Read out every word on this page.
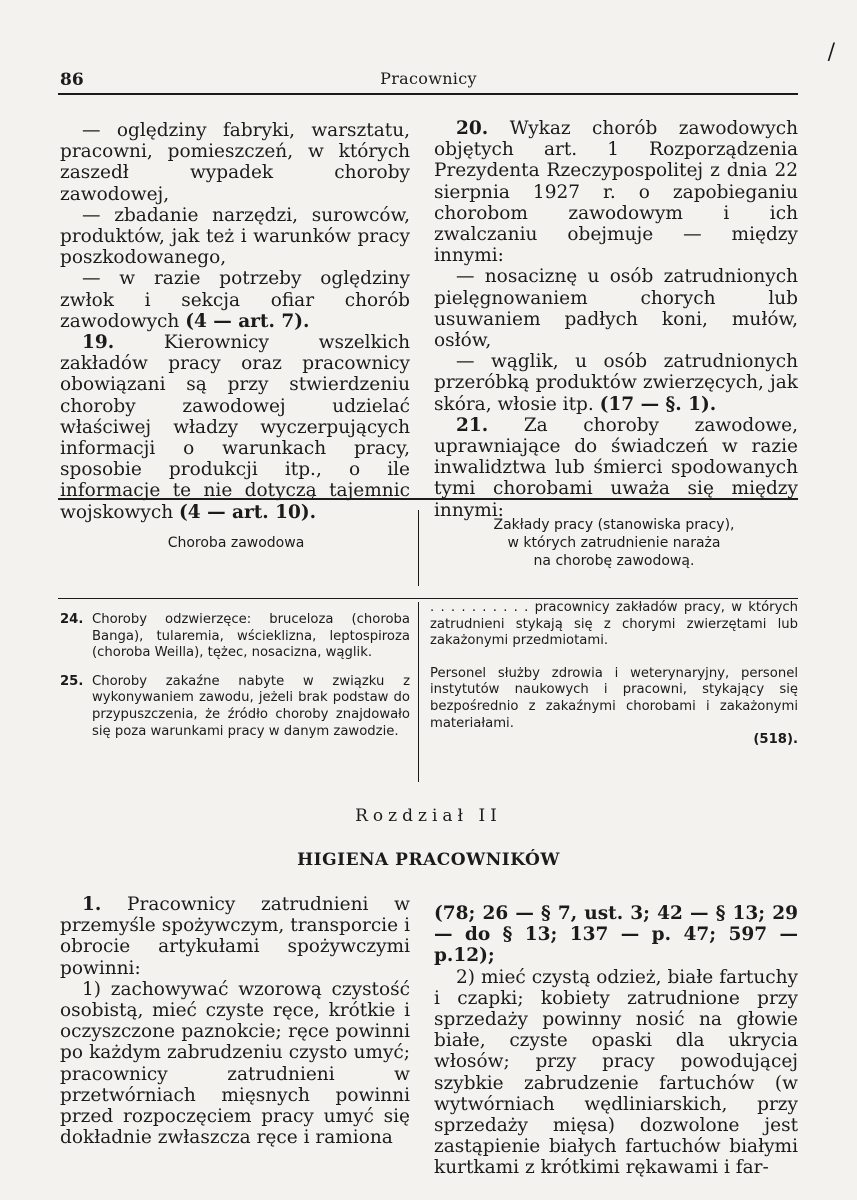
86	Pracownicy
/

— oględziny fabryki, warsztatu, pracowni, pomieszczeń, w których zaszedł wypadek choroby zawodowej,

— zbadanie narzędzi, surowców, produktów, jak też i warunków pracy poszkodowanego,

— w razie potrzeby oględziny zwłok i sekcja ofiar chorób zawodowych (4 — art. 7).

19.	Kierownicy wszelkich zakładów pracy oraz pracownicy obowiązani są przy stwierdzeniu choroby zawodowej udzielać właściwej władzy wyczerpujących informacji o warunkach pracy, sposobie produkcji itp., o ile informacje te nie dotyczą tajemnic wojskowych (4 — art. 10).

20. Wykaz chorób zawodowych objętych art. 1 Rozporządzenia Prezydenta Rzeczypospolitej z dnia 22 sierpnia 1927 r. o zapobieganiu chorobom zawodowym i ich zwalczaniu obejmuje — między innymi:

— nosaciznę u osób zatrudnionych pielęgnowaniem chorych lub usuwaniem padłych koni, mułów, osłów,

— wąglik, u osób zatrudnionych przeróbką produktów zwierzęcych, jak skóra, włosie itp. (17 — §. 1).

21. Za choroby zawodowe, uprawniające do świadczeń w razie inwalidztwa lub śmierci spodowanych tymi chorobami uważa się między innymi:

Choroba zawodowa

Zakłady pracy (stanowiska pracy),

w których zatrudnienie naraża

na chorobę zawodową.

24. Choroby odzwierzęce: bruceloza (choroba Banga), tularemia, wścieklizna, leptospiroza (choroba Weilla), tężec, nosacizna, wąglik.
25. Choroby zakaźne nabyte w związku z wykonywaniem zawodu, jeżeli brak podstaw do przypuszczenia, że źródło choroby znajdowało się poza warunkami pracy w danym zawodzie.

. . . . . . . . . . pracownicy zakładów pracy, w których zatrudnieni stykają się z chorymi zwierzętami lub zakażonymi przedmiotami.

Personel służby zdrowia i weterynaryjny, personel instytutów naukowych i pracowni, stykający się bezpośrednio z zakaźnymi chorobami i zakażonymi materiałami.

(518).
Rozdział II
HIGIENA PRACOWNIKÓW

1. Pracownicy zatrudnieni w przemyśle spożywczym, transporcie i obrocie artykułami spożywczymi powinni:

1) zachowywać wzorową czystość osobistą, mieć czyste ręce, krótkie i oczyszczone paznokcie; ręce powinni po każdym zabrudzeniu czysto umyć; pracownicy zatrudnieni w przetwórniach mięsnych powinni przed rozpoczęciem pracy umyć się dokładnie zwłaszcza ręce i ramiona

(78; 26 — § 7, ust. 3; 42 — § 13; 29 — do § 13; 137 — p. 47; 597 — p.12);

2) mieć czystą odzież, białe fartuchy i czapki; kobiety zatrudnione przy sprzedaży powinny nosić na głowie białe, czyste opaski dla ukrycia włosów; przy pracy powodującej szybkie zabrudzenie fartuchów (w wytwórniach wędliniarskich, przy sprzedaży mięsa) dozwolone jest zastąpienie białych fartuchów białymi kurtkami z krótkimi rękawami i far-
